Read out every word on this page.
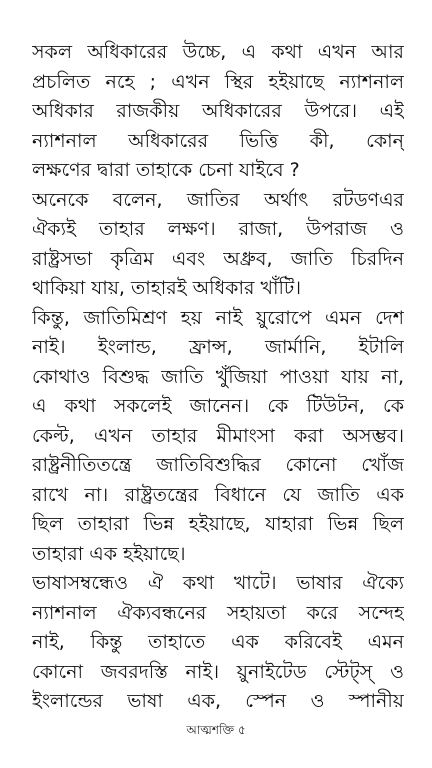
সকল অধিকারের উচ্চে, এ কথা এখন আর
প্রচলিত নহে ; এখন স্থির হইয়াছে ন্যাশনাল
অধিকার রাজকীয় অধিকারের উপরে। এই
ন্যাশনাল অধিকারের ভিত্তি কী, কোন্
লক্ষণের দ্বারা তাহাকে চেনা যাইবে ?
অনেকে বলেন, জাতির অর্থাৎ রটডণএর
ঐক্যই তাহার লক্ষণ। রাজা, উপরাজ ও
রাষ্ট্রসভা কৃত্রিম এবং অধ্রুব, জাতি চিরদিন
থাকিয়া যায়, তাহারই অধিকার খাঁটি।
কিন্তু, জাতিমিশ্রণ হয় নাই য়ুরোপে এমন দেশ
নাই। ইংলান্ড, ফ্রান্স, জার্মানি, ইটালি
কোথাও বিশুদ্ধ জাতি খুঁজিয়া পাওয়া যায় না,
এ কথা সকলেই জানেন। কে টিউটন, কে
কেল্ট, এখন তাহার মীমাংসা করা অসম্ভব।
রাষ্ট্রনীতিতন্ত্রে জাতিবিশুদ্ধির কোনো খোঁজ
রাখে না। রাষ্ট্রতন্ত্রের বিধানে যে জাতি এক
ছিল তাহারা ভিন্ন হইয়াছে, যাহারা ভিন্ন ছিল
তাহারা এক হইয়াছে।
ভাষাসম্বন্ধেও ঐ কথা খাটে। ভাষার ঐক্যে
ন্যাশনাল ঐক্যবন্ধনের সহায়তা করে সন্দেহ
নাই, কিন্তু তাহাতে এক করিবেই এমন
কোনো জবরদস্তি নাই। য়ুনাইটেড স্টেট্স্ ও
ইংলান্ডের ভাষা এক, স্পেন ও স্পানীয়
আত্মশক্তি ৫
